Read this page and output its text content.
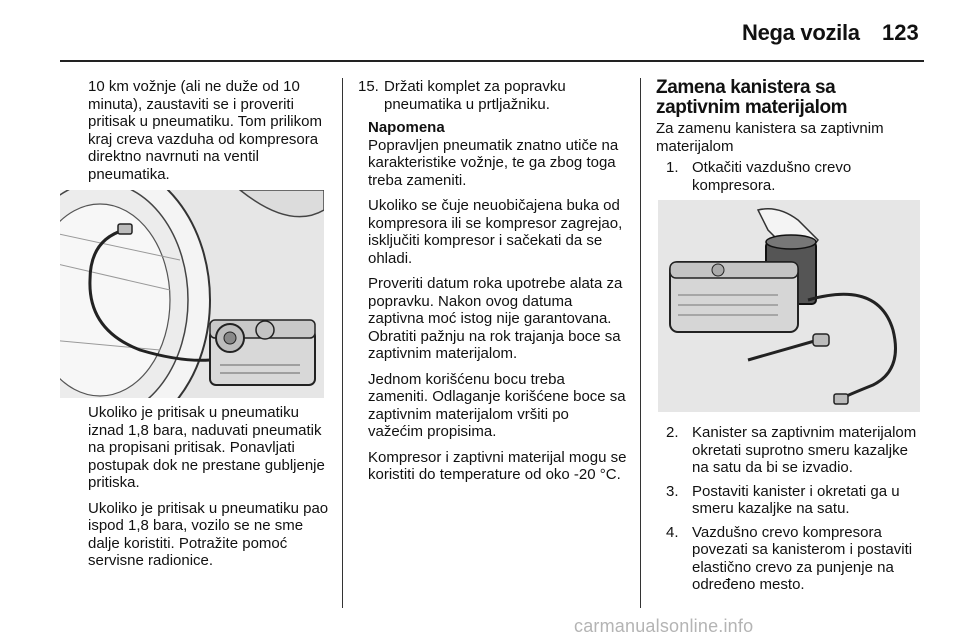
Nega vozila 123

10 km vožnje (ali ne duže od 10 minuta), zaustaviti se i proveriti pritisak u pneumatiku. Tom prilikom kraj creva vazduha od kompresora direktno navrnuti na ventil pneumatika.

Ukoliko je pritisak u pneumatiku iznad 1,8 bara, naduvati pneumatik na propisani pritisak. Ponavljati postupak dok ne prestane gubljenje pritiska.

Ukoliko je pritisak u pneumatiku pao ispod 1,8 bara, vozilo se ne sme dalje koristiti. Potražite pomoć servisne radionice.

15. Držati komplet za popravku pneumatika u prtljažniku.
Napomena

Popravljen pneumatik znatno utiče na karakteristike vožnje, te ga zbog toga treba zameniti.

Ukoliko se čuje neuobičajena buka od kompresora ili se kompresor zagrejao, isključiti kompresor i sačekati da se ohladi.

Proveriti datum roka upotrebe alata za popravku. Nakon ovog datuma zaptivna moć istog nije garantovana. Obratiti pažnju na rok trajanja boce sa zaptivnim materijalom.

Jednom korišćenu bocu treba zameniti. Odlaganje korišćene boce sa zaptivnim materijalom vršiti po važećim propisima.

Kompresor i zaptivni materijal mogu se koristiti do temperature od oko -20 °C.

Zamena kanistera sa zaptivnim materijalom

Za zamenu kanistera sa zaptivnim materijalom

1. Otkačiti vazdušno crevo kompresora.
2. Kanister sa zaptivnim materijalom okretati suprotno smeru kazaljke na satu da bi se izvadio.
3. Postaviti kanister i okretati ga u smeru kazaljke na satu.
4. Vazdušno crevo kompresora povezati sa kanisterom i postaviti elastično crevo za punjenje na određeno mesto.
carmanualsonline.info
